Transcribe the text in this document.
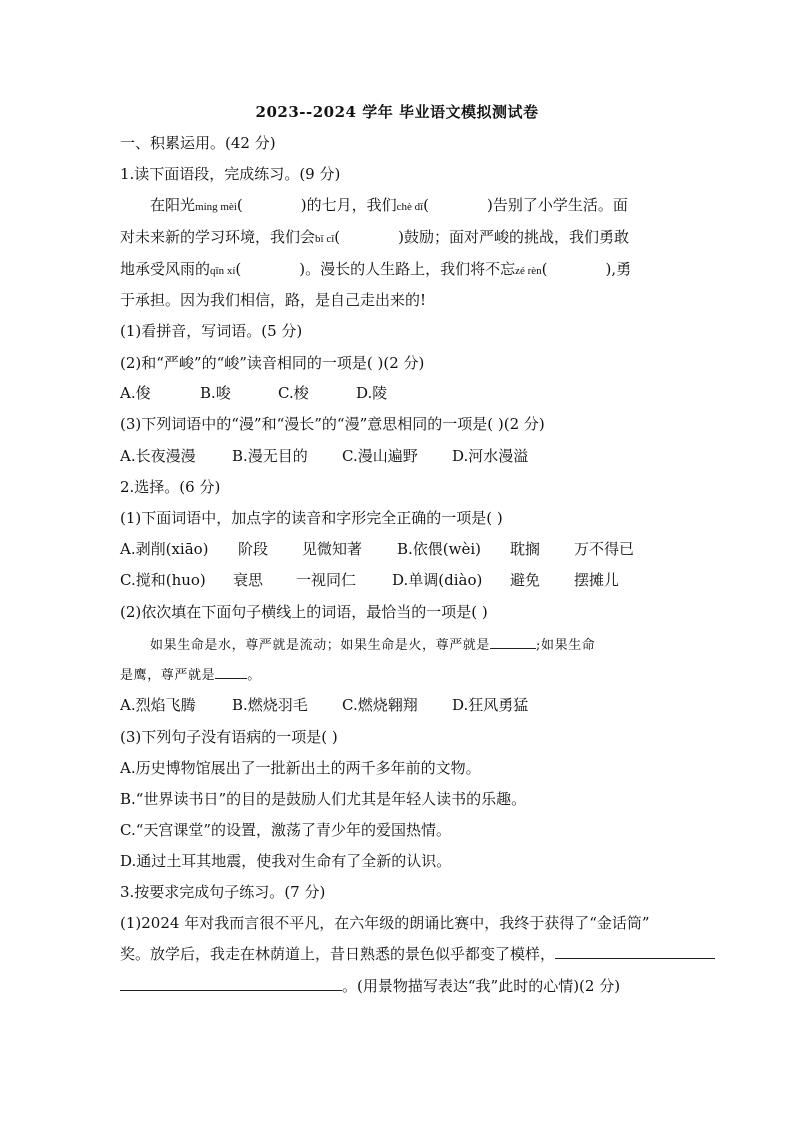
2023--2024 学年 毕业语文模拟测试卷
一、积累运用。(42 分)
1.读下面语段，完成练习。(9 分)
在阳光míng mèi(	)的七月，我们chè dǐ(	)告别了小学生活。面
对未来新的学习环境，我们会bǐ cǐ(	)鼓励；面对严峻的挑战，我们勇敢
地承受风雨的qīn xí(	)。漫长的人生路上，我们将不忘zé rèn(	),勇
于承担。因为我们相信，路，是自己走出来的!
(1)看拼音，写词语。(5 分)
(2)和“严峻”的“峻”读音相同的一项是( )(2 分)
A.俊	B.唆	C.梭	D.陵
(3)下列词语中的“漫”和“漫长”的“漫”意思相同的一项是( )(2 分)
A.长夜漫漫 B.漫无目的 C.漫山遍野 D.河水漫溢
2.选择。(6 分)
(1)下面词语中，加点字的读音和字形完全正确的一项是( )
A.剥削(xiāo) 阶段 见微知著 B.依偎(wèi) 耽搁 万不得已
C.搅和(huo) 衰思 一视同仁 D.单调(diào) 避免 摆摊儿
(2)依次填在下面句子横线上的词语，最恰当的一项是( )
如果生命是水，尊严就是流动；如果生命是火，尊严就是	;如果生命
是鹰，尊严就是 。
A.烈焰飞腾 B.燃烧羽毛 C.燃烧翱翔 D.狂风勇猛
(3)下列句子没有语病的一项是( )
A.历史博物馆展出了一批新出土的两千多年前的文物。
B.“世界读书日”的目的是鼓励人们尤其是年轻人读书的乐趣。
C.“天宫课堂”的设置，激荡了青少年的爱国热情。
D.通过土耳其地震，使我对生命有了全新的认识。
3.按要求完成句子练习。(7 分)
(1)2024 年对我而言很不平凡，在六年级的朗诵比赛中，我终于获得了“金话筒”
奖。放学后，我走在林荫道上，昔日熟悉的景色似乎都变了模样，
。(用景物描写表达“我”此时的心情)(2 分)
